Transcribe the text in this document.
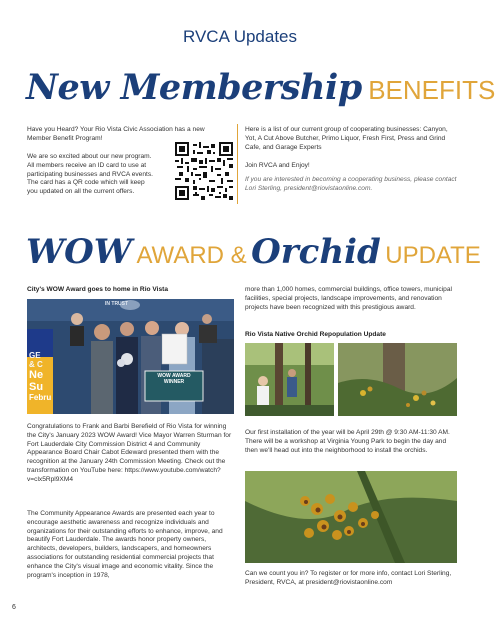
RVCA Updates
New Membership BENEFITS
Have you Heard? Your Rio Vista Civic Association has a new Member Benefit Program!
We are so excited about our new program.
All members receive an ID card to use at
participating businesses and RVCA events.
The card has a QR code which will keep
you updated on all the current offers.
Here is a list of our current group of cooperating businesses: Canyon, Yot, A Cut Above Butcher, Primo Liquor, Fresh First, Press and Grind Cafe, and Garage Experts
Join RVCA and Enjoy!
If you are interested in becoming a cooperating business, please contact Lori Sterling, president@riovistaonline.com.
WOW AWARD & Orchid UPDATE
City's WOW Award goes to home in Rio Vista
IN TRUST
GE
& C
Ne
Su
Febru
WOW AWARD
WINNER
Congratulations to Frank and Barbi Berefield of Rio Vista for winning the City's January 2023 WOW Award! Vice Mayor Warren Sturman for Fort Lauderdale City Commission District 4 and Community Appearance Board Chair Cabot Edeward presented them with the recognition at the January 24th Commission Meeting. Check out the transformation on YouTube here: https://www.youtube.com/watch?v=clx5Rpl9XM4
The Community Appearance Awards are presented each year to encourage aesthetic awareness and recognize individuals and organizations for their outstanding efforts to enhance, improve, and beautify Fort Lauderdale. The awards honor property owners, architects, developers, builders, landscapers, and homeowners associations for outstanding residential commercial projects that enhance the City's visual image and economic vitality. Since the program's inception in 1978,
more than 1,000 homes, commercial buildings, office towers, municipal facilities, special projects, landscape improvements, and renovation projects have been recognized with this prestigious award.
Rio Vista Native Orchid Repopulation Update
Our first installation of the year will be April 29th @ 9:30 AM-11:30 AM. There will be a workshop at Virginia Young Park to begin the day and then we'll head out into the neighborhood to install the orchids.
Can we count you in? To register or for more info, contact Lori Sterling, President, RVCA, at president@riovistaonline.com
6
